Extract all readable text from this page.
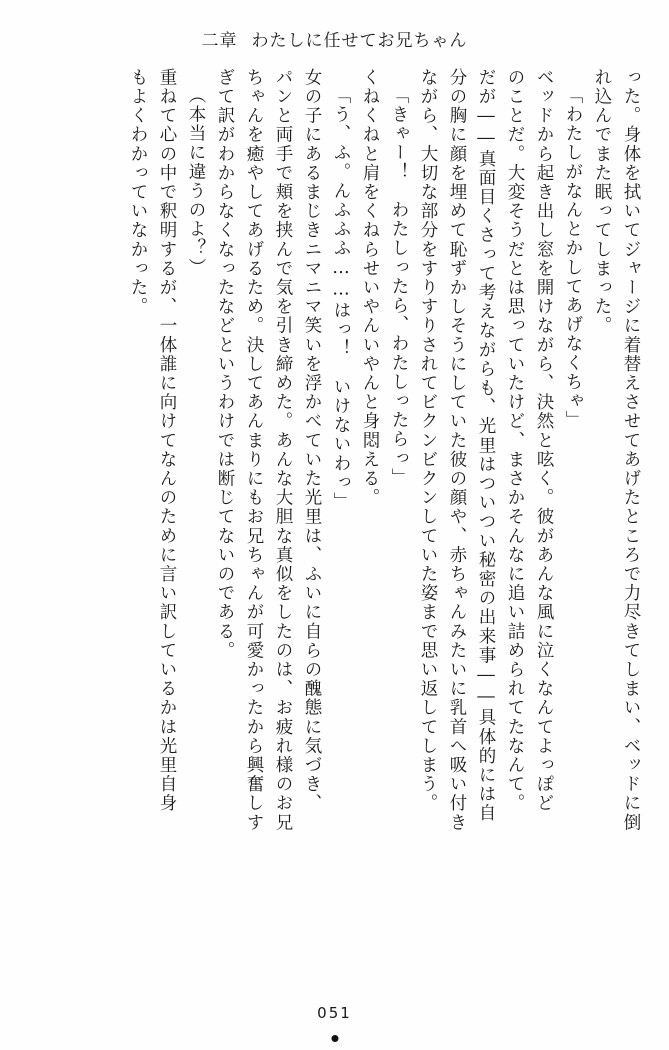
二章 わたしに任せてお兄ちゃん
った。身体を拭いてジャージに着替えさせてあげたところで力尽きてしまい、ベッドに倒
れ込んでまた眠ってしまった。
「わたしがなんとかしてあげなくちゃ」
ベッドから起き出し窓を開けながら、決然と呟く。彼があんな風に泣くなんてよっぽど
のことだ。大変そうだとは思っていたけど、まさかそんなに追い詰められてたなんて。
だが――真面目くさって考えながらも、光里はついつい秘密の出来事――具体的には自
分の胸に顔を埋めて恥ずかしそうにしていた彼の顔や、赤ちゃんみたいに乳首へ吸い付き
ながら、大切な部分をすりすりされてビクンビクンしていた姿まで思い返してしまう。
「きゃー！　わたしったら、わたしったらっ」
くねくねと肩をくねらせいやんいやんと身悶える。
「う、ふ。んふふふ……はっ！　いけないわっ」
女の子にあるまじきニマニマ笑いを浮かべていた光里は、ふいに自らの醜態に気づき、
パンと両手で頬を挟んで気を引き締めた。あんな大胆な真似をしたのは、お疲れ様のお兄
ちゃんを癒やしてあげるため。決してあんまりにもお兄ちゃんが可愛かったから興奮しす
ぎて訳がわからなくなったなどというわけでは断じてないのである。
（本当に違うのよ？）
重ねて心の中で釈明するが、一体誰に向けてなんのために言い訳しているかは光里自身
もよくわかっていなかった。
051
